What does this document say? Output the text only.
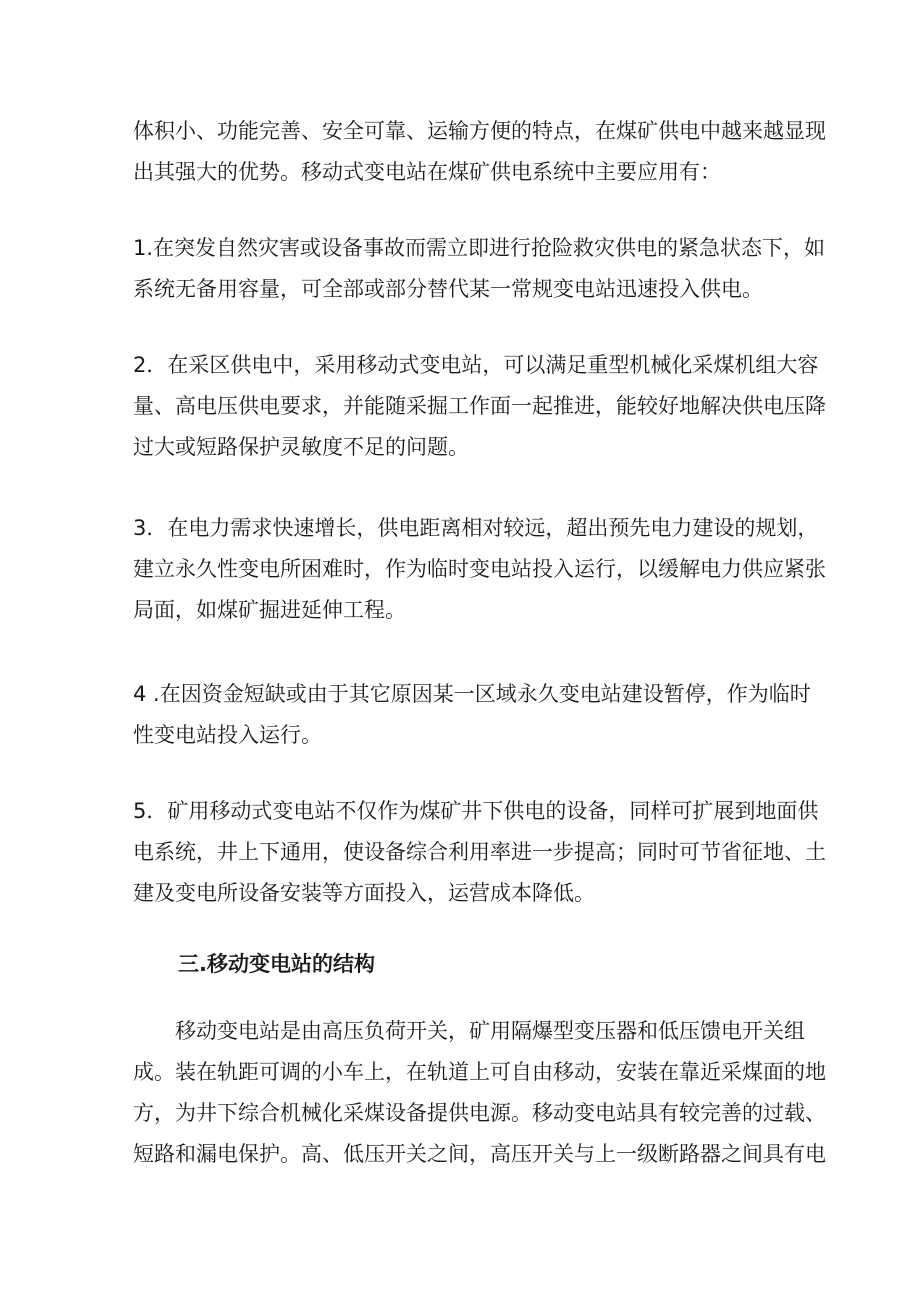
体积小、功能完善、安全可靠、运输方便的特点，在煤矿供电中越来越显现
出其强大的优势。移动式变电站在煤矿供电系统中主要应用有：

1.在突发自然灾害或设备事故而需立即进行抢险救灾供电的紧急状态下，如
系统无备用容量，可全部或部分替代某一常规变电站迅速投入供电。

2．在采区供电中，采用移动式变电站，可以满足重型机械化采煤机组大容
量、高电压供电要求，并能随采掘工作面一起推进，能较好地解决供电压降
过大或短路保护灵敏度不足的问题。

3．在电力需求快速增长，供电距离相对较远，超出预先电力建设的规划，
建立永久性变电所困难时，作为临时变电站投入运行，以缓解电力供应紧张
局面，如煤矿掘进延伸工程。

4 .在因资金短缺或由于其它原因某一区域永久变电站建设暂停，作为临时
性变电站投入运行。

5．矿用移动式变电站不仅作为煤矿井下供电的设备，同样可扩展到地面供
电系统，井上下通用，使设备综合利用率进一步提高；同时可节省征地、土
建及变电所设备安装等方面投入，运营成本降低。

三.移动变电站的结构

　　移动变电站是由高压负荷开关，矿用隔爆型变压器和低压馈电开关组
成。装在轨距可调的小车上，在轨道上可自由移动，安装在靠近采煤面的地
方，为井下综合机械化采煤设备提供电源。移动变电站具有较完善的过载、
短路和漏电保护。高、低压开关之间，高压开关与上一级断路器之间具有电
